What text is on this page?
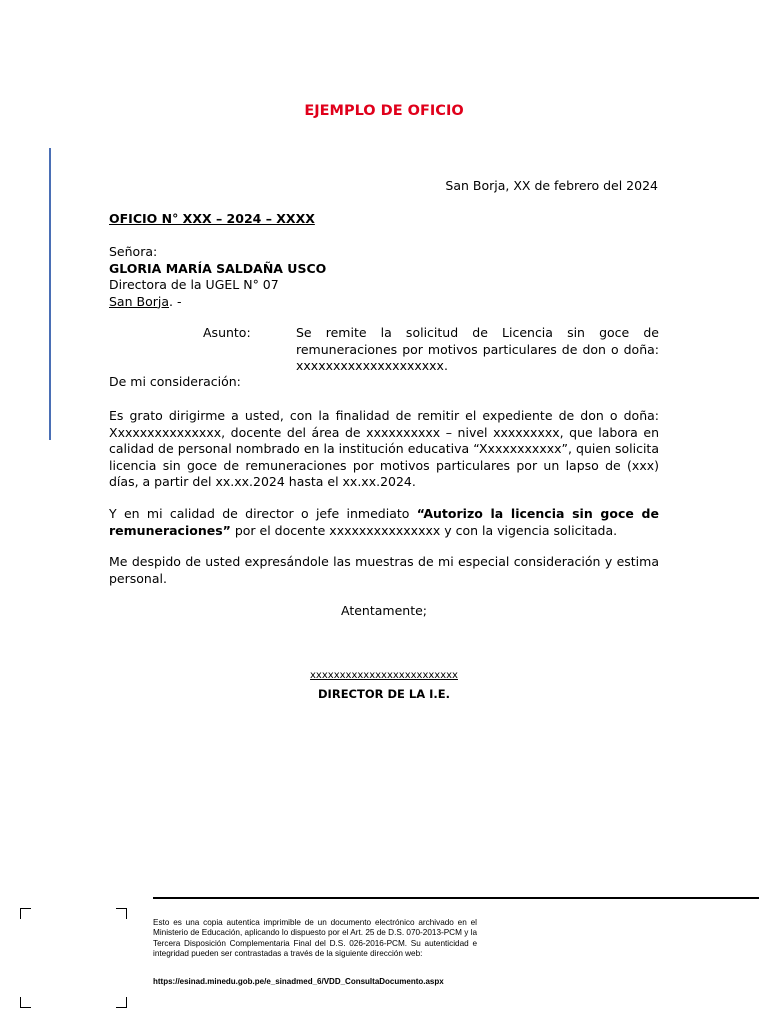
EJEMPLO DE OFICIO
San Borja, XX de febrero del 2024
OFICIO N° XXX – 2024 – XXXX
Señora:
GLORIA MARÍA SALDAÑA USCO
Directora de la UGEL N° 07
San Borja. -
Asunto:	Se remite la solicitud de Licencia sin goce de remuneraciones por motivos particulares de don o doña: xxxxxxxxxxxxxxxxxxxx.
De mi consideración:
Es grato dirigirme a usted, con la finalidad de remitir el expediente de don o doña: Xxxxxxxxxxxxxxx, docente del área de xxxxxxxxxx – nivel xxxxxxxxx, que labora en calidad de personal nombrado en la institución educativa “Xxxxxxxxxxx”, quien solicita licencia sin goce de remuneraciones por motivos particulares por un lapso de (xxx) días, a partir del xx.xx.2024 hasta el xx.xx.2024.
Y en mi calidad de director o jefe inmediato “Autorizo la licencia sin goce de remuneraciones” por el docente xxxxxxxxxxxxxxx y con la vigencia solicitada.
Me despido de usted expresándole las muestras de mi especial consideración y estima personal.
Atentamente;
xxxxxxxxxxxxxxxxxxxxxxxxx
DIRECTOR DE LA I.E.
Esto es una copia autentica imprimible de un documento electrónico archivado en el Ministerio de Educación, aplicando lo dispuesto por el Art. 25 de D.S. 070-2013-PCM y la Tercera Disposición Complementaria Final del D.S. 026-2016-PCM. Su autenticidad e integridad pueden ser contrastadas a través de la siguiente dirección web:
https://esinad.minedu.gob.pe/e_sinadmed_6/VDD_ConsultaDocumento.aspx
